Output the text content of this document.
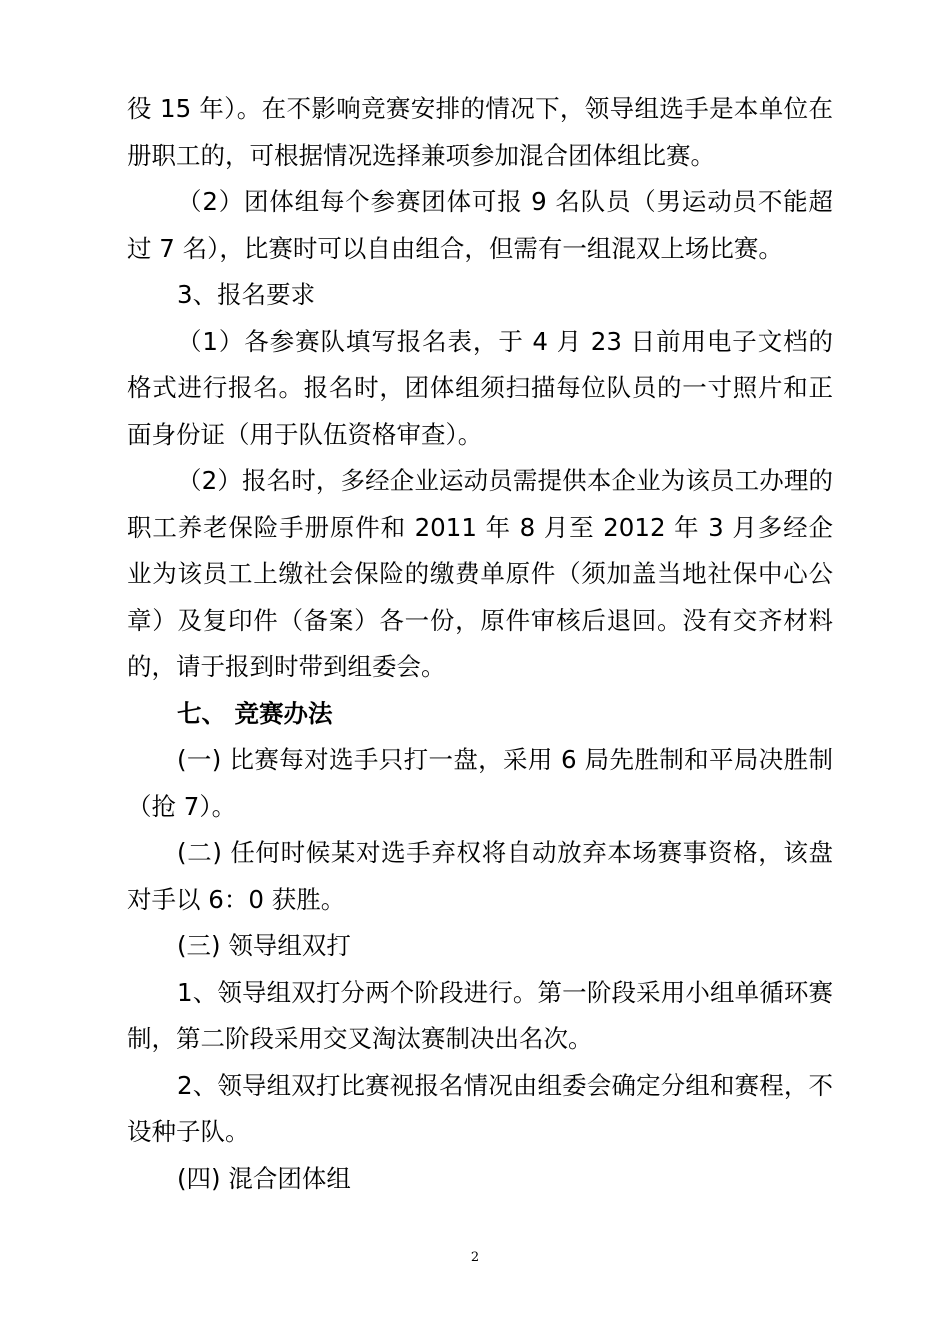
役 15 年）。在不影响竞赛安排的情况下，领导组选手是本单位在册职工的，可根据情况选择兼项参加混合团体组比赛。

（2）团体组每个参赛团体可报 9 名队员（男运动员不能超过 7 名），比赛时可以自由组合，但需有一组混双上场比赛。

3、报名要求

（1）各参赛队填写报名表，于 4 月 23 日前用电子文档的格式进行报名。报名时，团体组须扫描每位队员的一寸照片和正面身份证（用于队伍资格审查）。

（2）报名时，多经企业运动员需提供本企业为该员工办理的职工养老保险手册原件和 2011 年 8 月至 2012 年 3 月多经企业为该员工上缴社会保险的缴费单原件（须加盖当地社保中心公章）及复印件（备案）各一份，原件审核后退回。没有交齐材料的，请于报到时带到组委会。

七、 竞赛办法

(一) 比赛每对选手只打一盘，采用 6 局先胜制和平局决胜制（抢 7）。

(二) 任何时候某对选手弃权将自动放弃本场赛事资格，该盘对手以 6：0 获胜。

(三) 领导组双打

1、领导组双打分两个阶段进行。第一阶段采用小组单循环赛制，第二阶段采用交叉淘汰赛制决出名次。

2、领导组双打比赛视报名情况由组委会确定分组和赛程，不设种子队。

(四) 混合团体组

2
